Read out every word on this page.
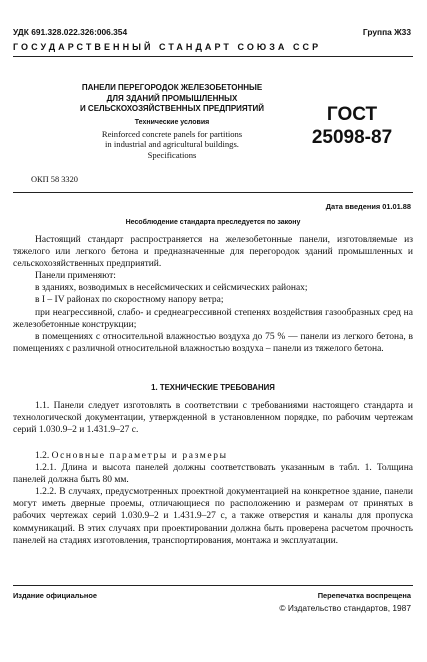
УДК 691.328.022.326:006.354	Группа Ж33
ГОСУДАРСТВЕННЫЙ СТАНДАРТ СОЮЗА ССР
ПАНЕЛИ ПЕРЕГОРОДОК ЖЕЛЕЗОБЕТОННЫЕ
ДЛЯ ЗДАНИЙ ПРОМЫШЛЕННЫХ
И СЕЛЬСКОХОЗЯЙСТВЕННЫХ ПРЕДПРИЯТИЙ
Технические условия
Reinforced concrete panels for partitions
in industrial and agricultural buildings.
Specifications
ГОСТ
25098-87
ОКП 58 3320
Дата введения 01.01.88
Несоблюдение стандарта преследуется по закону

Настоящий стандарт распространяется на железобетонные панели, изготовляемые из тяжелого или легкого бетона и предназначенные для перегородок зданий промышленных и сельскохозяйственных предприятий.

Панели применяют:

в зданиях, возводимых в несейсмических и сейсмических районах;

в I – IV районах по скоростному напору ветра;

при неагрессивной, слабо- и среднеагрессивной степенях воздействия газообразных сред на железобетонные конструкции;

в помещениях с относительной влажностью воздуха до 75 % — панели из легкого бетона, в помещениях с различной относительной влажностью воздуха – панели из тяжелого бетона.

1. ТЕХНИЧЕСКИЕ ТРЕБОВАНИЯ

1.1. Панели следует изготовлять в соответствии с требованиями настоящего стандарта и технологической документации, утвержденной в установленном порядке, по рабочим чертежам серий 1.030.9–2 и 1.431.9–27 с.

1.2. Основные параметры и размеры

1.2.1. Длина и высота панелей должны соответствовать указанным в табл. 1. Толщина панелей должна быть 80 мм.

1.2.2. В случаях, предусмотренных проектной документацией на конкретное здание, панели могут иметь дверные проемы, отличающиеся по расположению и размерам от принятых в рабочих чертежах серий 1.030.9–2 и 1.431.9–27 с, а также отверстия и каналы для пропуска коммуникаций. В этих случаях при проектировании должна быть проверена расчетом прочность панелей на стадиях изготовления, транспортирования, монтажа и эксплуатации.

Издание официальное	Перепечатка воспрещена
© Издательство стандартов, 1987
